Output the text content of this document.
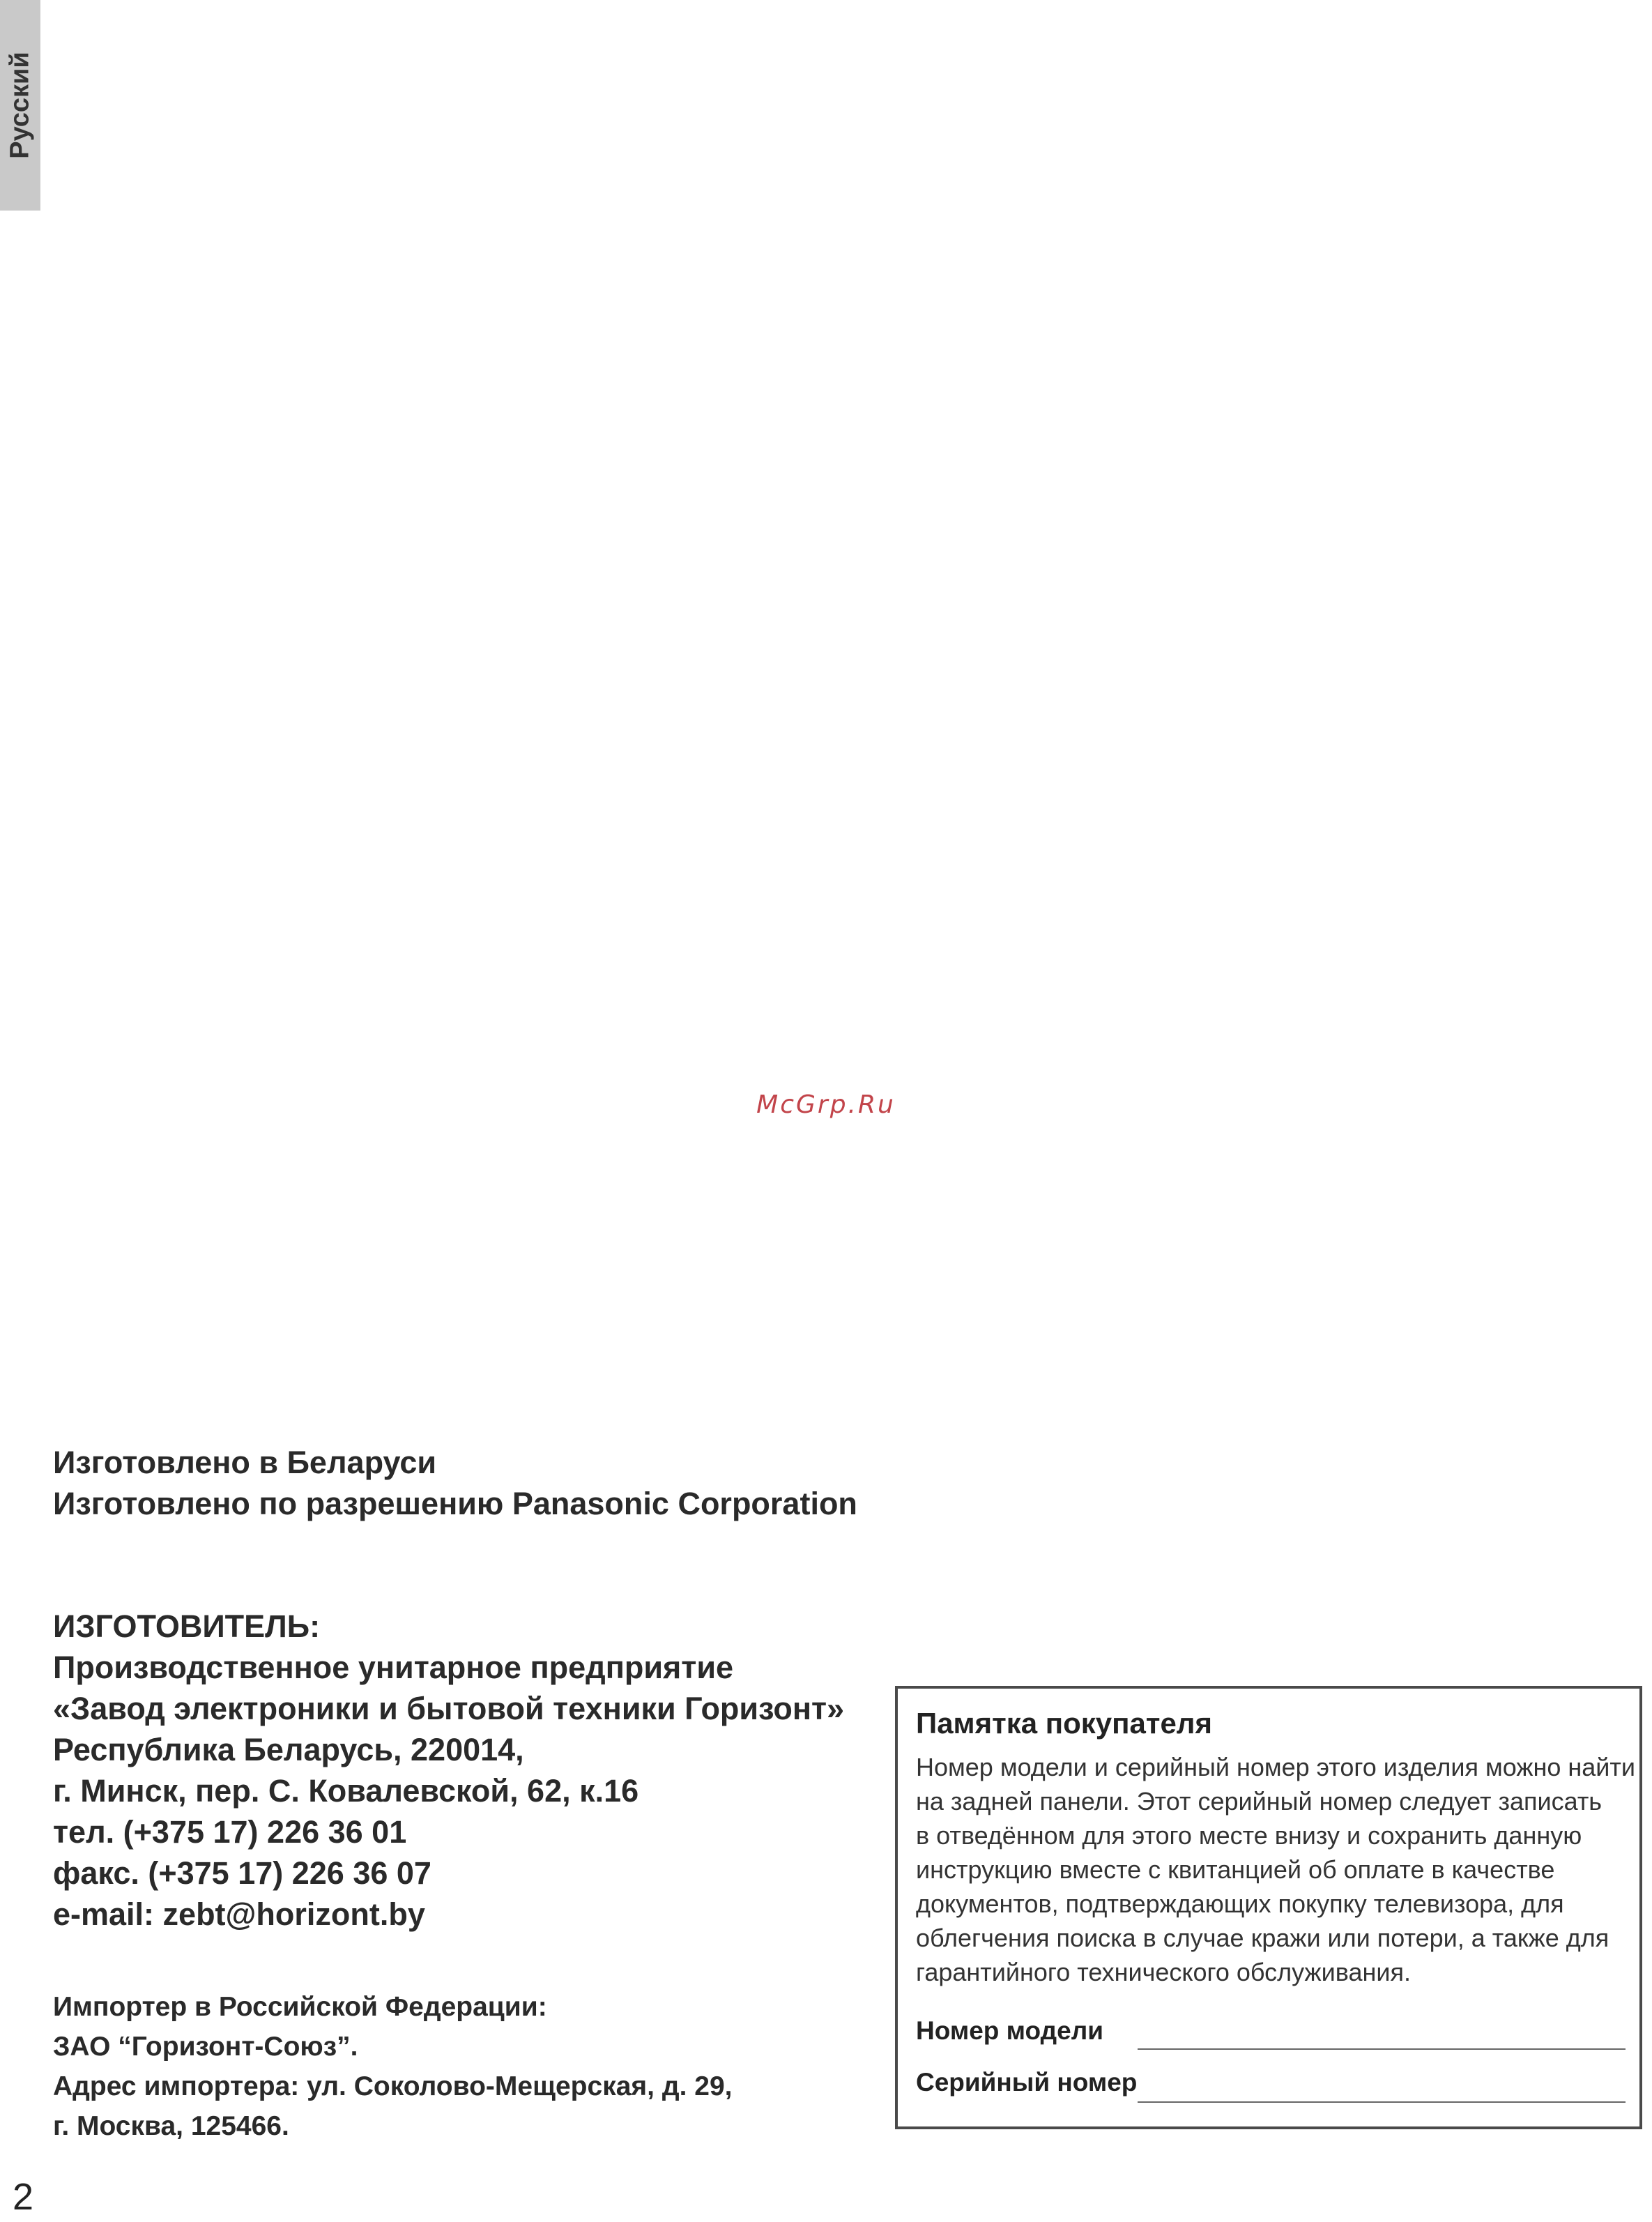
Русский
McGrp.Ru
Изготовлено в Беларуси
Изготовлено по разрешению Panasonic Corporation
ИЗГОТОВИТЕЛЬ:
Производственное унитарное предприятие
«Завод электроники и бытовой техники Горизонт»
Республика Беларусь, 220014,
г. Минск, пер. С. Ковалевской, 62, к.16
тел. (+375 17) 226 36 01
факс. (+375 17) 226 36 07
e-mail: zebt@horizont.by
Импортер в Российской Федерации:
ЗАО “Горизонт-Союз”.
Адрес импортера: ул. Соколово-Мещерская, д. 29,
г. Москва, 125466.
Памятка покупателя
Номер модели и серийный номер этого изделия можно найти
на задней панели. Этот серийный номер следует записать
в отведённом для этого месте внизу и сохранить данную
инструкцию вместе с квитанцией об оплате в качестве
документов, подтверждающих покупку телевизора, для
облегчения поиска в случае кражи или потери, а также для
гарантийного технического обслуживания.
Номер модели
Серийный номер
2
